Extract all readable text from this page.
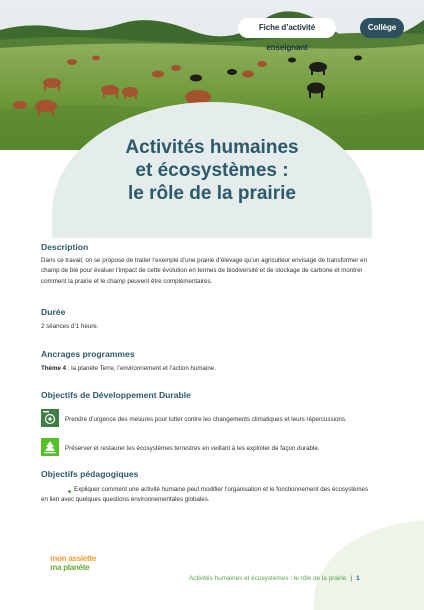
Fiche d’activité enseignant
Collège
Activités humaines
et écosystèmes :
le rôle de la prairie
Description

Dans ce travail, on se propose de traiter l’exemple d’une prairie d’élevage qu’un agriculteur envisage de transformer en champ de blé pour évaluer l’impact de cette évolution en termes de biodiversité et de stockage de carbone et montrer comment la prairie et le champ peuvent être complémentaires.

Durée

2 séances d’1 heure.

Ancrages programmes

Thème 4 : la planète Terre, l’environnement et l’action humaine.

Objectifs de Développement Durable
Prendre d’urgence des mesures pour lutter contre les changements climatiques et leurs répercussions.
Préserver et restaurer les écosystèmes terrestres en veillant à les exploiter de façon durable.
Objectifs pédagogiques

Expliquer comment une activité humaine peut modifier l’organisation et le fonctionnement des écosystèmes en lien avec quelques questions environnementales globales.

mon assiette
ma planète
Activités humaines et écosystèmes : le rôle de la prairie | 1
